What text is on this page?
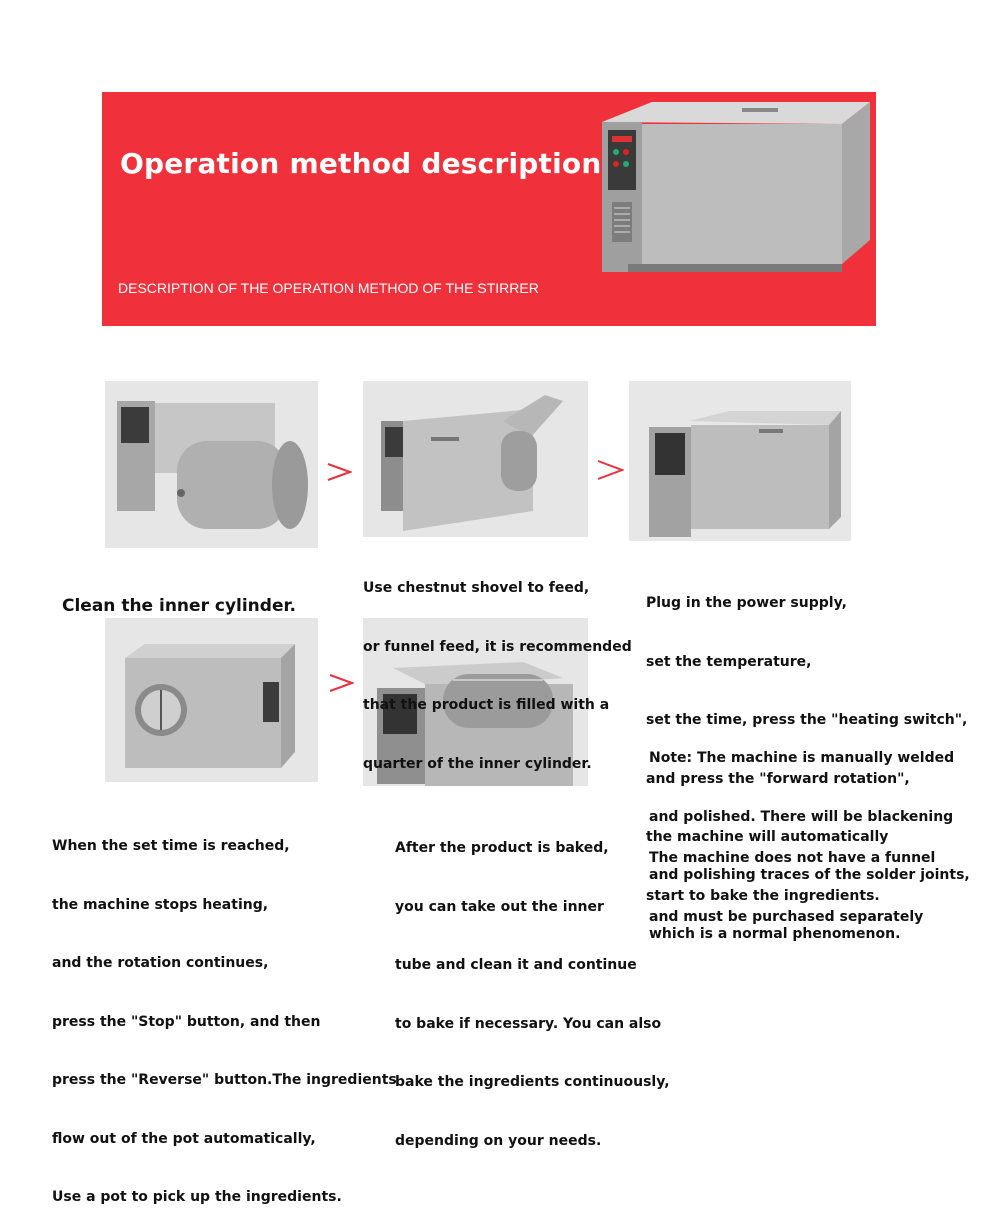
Operation method description
DESCRIPTION OF THE OPERATION METHOD OF THE STIRRER

Clean the inner cylinder.

Use chestnut shovel to feed,

or funnel feed, it is recommended

that the product is filled with a

quarter of the inner cylinder.

Plug in the power supply,

set the temperature,

set the time, press the "heating switch",

and press the "forward rotation",

the machine will automatically

start to bake the ingredients.

Note: The machine is manually welded

and polished. There will be blackening

and polishing traces of the solder joints,

which is a normal phenomenon.

The machine does not have a funnel

and must be purchased separately

When the set time is reached,

the machine stops heating,

and the rotation continues,

press the "Stop" button, and then

press the "Reverse" button.The ingredients

flow out of the pot automatically,

Use a pot to pick up the ingredients.

After the product is baked,

you can take out the inner

tube and clean it and continue

to bake if necessary. You can also

bake the ingredients continuously,

depending on your needs.
